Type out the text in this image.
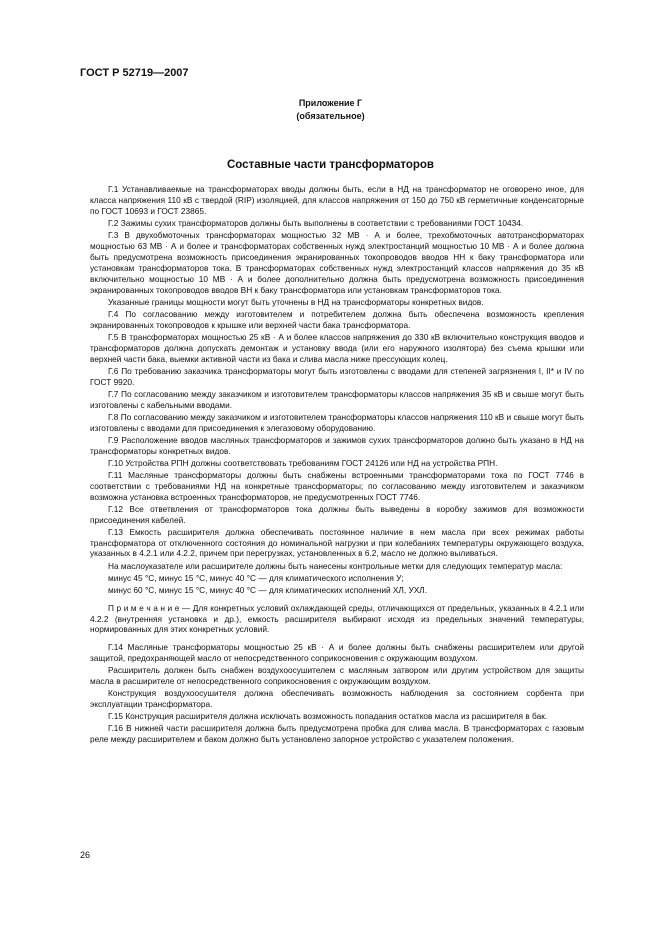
ГОСТ Р 52719—2007
Приложение Г
(обязательное)
Составные части трансформаторов

Г.1 Устанавливаемые на трансформаторах вводы должны быть, если в НД на трансформатор не оговорено иное, для класса напряжения 110 кВ с твердой (RIP) изоляцией, для классов напряжения от 150 до 750 кВ герметичные конденсаторные по ГОСТ 10693 и ГОСТ 23865.

Г.2 Зажимы сухих трансформаторов должны быть выполнены в соответствии с требованиями ГОСТ 10434.

Г.3 В двухобмоточных трансформаторах мощностью 32 МВ · А и более, трехобмоточных автотрансформаторах мощностью 63 МВ · А и более и трансформаторах собственных нужд электростанций мощностью 10 МВ · А и более должна быть предусмотрена возможность присоединения экранированных токопроводов вводов НН к баку трансформатора или установкам трансформаторов тока. В трансформаторах собственных нужд электростанций классов напряжения до 35 кВ включительно мощностью 10 МВ · А и более дополнительно должна быть предусмотрена возможность присоединения экранированных токопроводов вводов ВН к баку трансформатора или установкам трансформаторов тока.

Указанные границы мощности могут быть уточнены в НД на трансформаторы конкретных видов.

Г.4 По согласованию между изготовителем и потребителем должна быть обеспечена возможность крепления экранированных токопроводов к крышке или верхней части бака трансформатора.

Г.5 В трансформаторах мощностью 25 кВ · А и более классов напряжения до 330 кВ включительно конструкция вводов и трансформаторов должна допускать демонтаж и установку ввода (или его наружного изолятора) без съема крышки или верхней части бака, выемки активной части из бака и слива масла ниже прессующих колец.

Г.6 По требованию заказчика трансформаторы могут быть изготовлены с вводами для степеней загрязнения I, II* и IV по ГОСТ 9920.

Г.7 По согласованию между заказчиком и изготовителем трансформаторы классов напряжения 35 кВ и свыше могут быть изготовлены с кабельными вводами.

Г.8 По согласованию между заказчиком и изготовителем трансформаторы классов напряжения 110 кВ и свыше могут быть изготовлены с вводами для присоединения к элегазовому оборудованию.

Г.9 Расположение вводов масляных трансформаторов и зажимов сухих трансформаторов должно быть указано в НД на трансформаторы конкретных видов.

Г.10 Устройства РПН должны соответствовать требованиям ГОСТ 24126 или НД на устройства РПН.

Г.11 Масляные трансформаторы должны быть снабжены встроенными трансформаторами тока по ГОСТ 7746 в соответствии с требованиями НД на конкретные трансформаторы; по согласованию между изготовителем и заказчиком возможна установка встроенных трансформаторов, не предусмотренных ГОСТ 7746.

Г.12 Все ответвления от трансформаторов тока должны быть выведены в коробку зажимов для возможности присоединения кабелей.

Г.13 Емкость расширителя должна обеспечивать постоянное наличие в нем масла при всех режимах работы трансформатора от отключенного состояния до номинальной нагрузки и при колебаниях температуры окружающего воздуха, указанных в 4.2.1 или 4.2.2, причем при перегрузках, установленных в 6.2, масло не должно выливаться.

На маслоуказателе или расширителе должны быть нанесены контрольные метки для следующих температур масла:

минус 45 °С, минус 15 °С, минус 40 °С — для климатического исполнения У;

минус 60 °С, минус 15 °С, минус 40 °С — для климатических исполнений ХЛ, УХЛ.

П р и м е ч а н и е — Для конкретных условий охлаждающей среды, отличающихся от предельных, указанных в 4.2.1 или 4.2.2 (внутренняя установка и др.), емкость расширителя выбирают исходя из предельных значений температуры, нормированных для этих конкретных условий.

Г.14 Масляные трансформаторы мощностью 25 кВ · А и более должны быть снабжены расширителем или другой защитой, предохраняющей масло от непосредственного соприкосновения с окружающим воздухом.

Расширитель должен быть снабжен воздухоосушителем с масляным затвором или другим устройством для защиты масла в расширителе от непосредственного соприкосновения с окружающим воздухом.

Конструкция воздухоосушителя должна обеспечивать возможность наблюдения за состоянием сорбента при эксплуатации трансформатора.

Г.15 Конструкция расширителя должна исключать возможность попадания остатков масла из расширителя в бак.

Г.16 В нижней части расширителя должна быть предусмотрена пробка для слива масла. В трансформаторах с газовым реле между расширителем и баком должно быть установлено запорное устройство с указателем положения.

26
